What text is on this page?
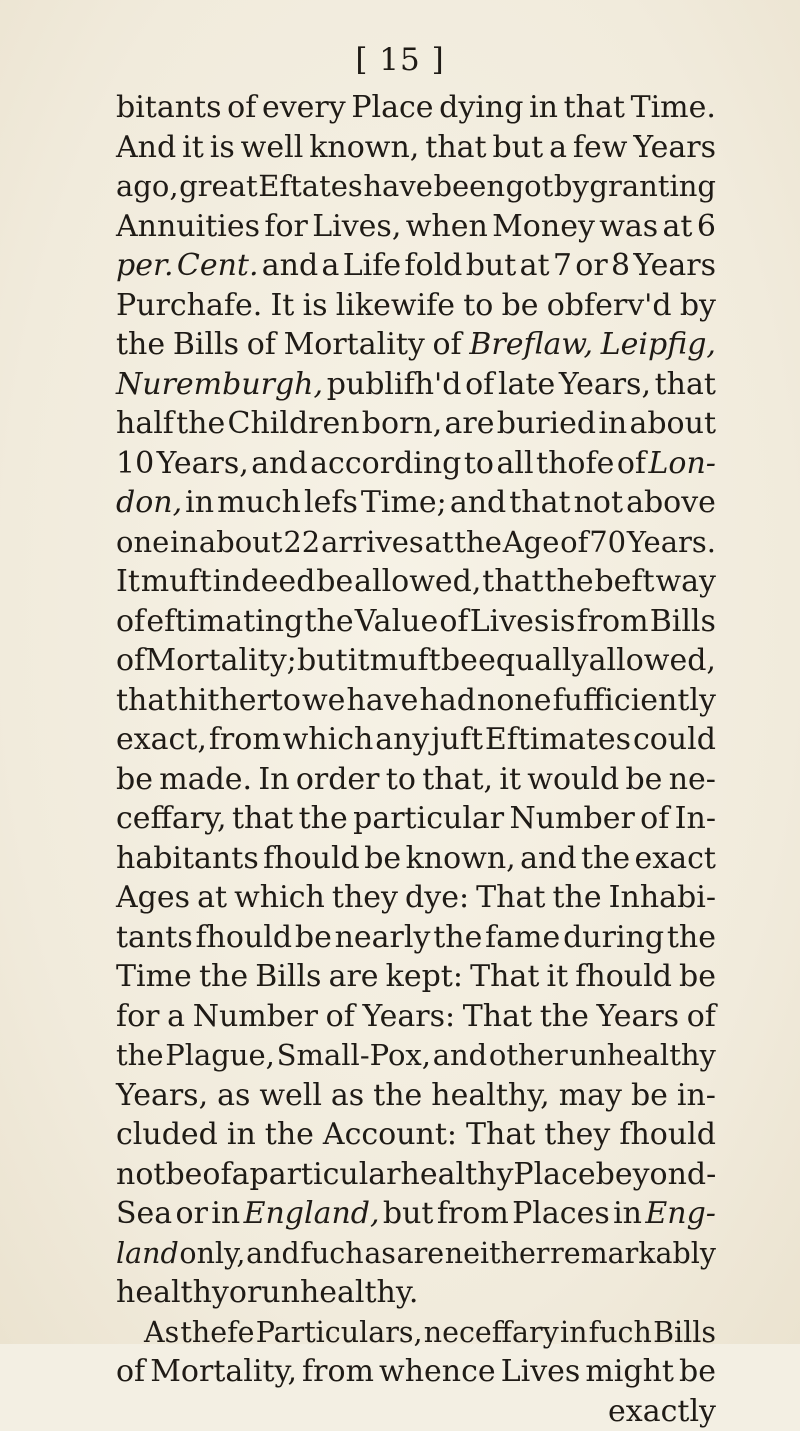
[ 15 ]
bitants of every Place dying in that Time.
And it is well known, that but a few Years
ago, great Eftates have been got by granting
Annuities for Lives, when Money was at 6
per. Cent. and a Life fold but at 7 or 8 Years
Purchafe. It is likewife to be obferv'd by
the Bills of Mortality of Breflaw, Leipfig,
Nuremburgh, publifh'd of late Years, that
half the Children born, are buried in about
10 Years, and according to all thofe of Lon-
don, in much lefs Time; and that not above
one in about 22 arrives at the Age of 70 Years.
It muft indeed be allowed, that the beft way
of eftimating the Value of Lives is from Bills
of Mortality; but it muft be equally allowed,
that hitherto we have had none fufficiently
exact, from which any juft Eftimates could
be made. In order to that, it would be ne-
ceffary, that the particular Number of In-
habitants fhould be known, and the exact
Ages at which they dye: That the Inhabi-
tants fhould be nearly the fame during the
Time the Bills are kept: That it fhould be
for a Number of Years: That the Years of
the Plague, Small-Pox, and other unhealthy
Years, as well as the healthy, may be in-
cluded in the Account: That they fhould
not be of a particular healthy Place beyond-
Sea or in England, but from Places in Eng-
land only, and fuch as are neither remarkably
healthy or unhealthy.
As thefe Particulars, neceffary in fuch Bills
of Mortality, from whence Lives might be
exactly
